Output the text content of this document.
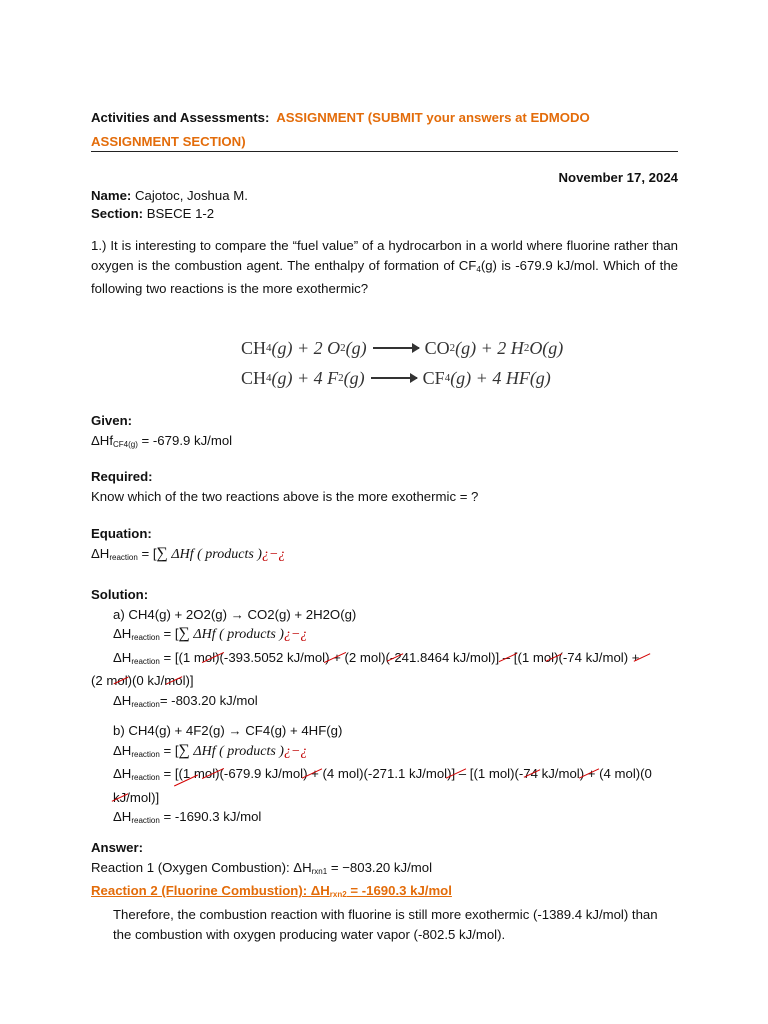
Activities and Assessments: ASSIGNMENT (SUBMIT your answers at EDMODO
ASSIGNMENT SECTION)
November 17, 2024
Name: Cajotoc, Joshua M.
Section: BSECE 1-2
1.) It is interesting to compare the “fuel value” of a hydrocarbon in a world where fluorine rather than oxygen is the combustion agent. The enthalpy of formation of $CF_4(g)$ is -679.9 kJ/mol. Which of the following two reactions is the more exothermic?
CH 4 (g) + 2 O 2 (g) → CO 2 (g) + 2 H 2 O(g)
CH 4 (g) + 4 F 2 (g) → CF 4 (g) + 4 HF(g)
Given:
ΔHf$_{CF4(g)}$ = -679.9 kJ/mol
Required:
Know which of the two reactions above is the more exothermic = ?
Equation:
$\Delta H_{reaction}$ = [∑ ΔHf ( products )¿−¿
Solution:
a) CH4(g) + 2O2(g) → CO2(g) + 2H2O(g)
$\Delta H_{reaction}$ = [∑ ΔHf ( products )¿−¿
$\Delta H_{reaction} = [(1$ mol)(-393.5052 kJ/mol) + (2 mol)(-241.8464 kJ/mol)] – [(1 mol)(-74 kJ/mol) +
(2 mol)(0 kJ/mol)]
$\Delta H_{reaction}= -803.20$ kJ/mol
b) CH4(g) + 4F2(g) → CF4(g) + 4HF(g)
$\Delta H_{reaction}$ = [∑ ΔHf ( products )¿−¿
$\Delta H_{reaction} = [(1$ mol)(-679.9 kJ/mol) + (4 mol)(-271.1 kJ/mol)] – [(1 mol)(-74 kJ/mol) + (4 mol)(0
kJ/mol)]
$\Delta H_{reaction} = -1690.3$ kJ/mol
Answer:
Reaction 1 (Oxygen Combustion): $\Delta H_{rxn1} = -803.20$ kJ/mol
Reaction 2 (Fluorine Combustion): $\Delta H_{rxn2} = -1690.3$ kJ/mol
Therefore, the combustion reaction with fluorine is still more exothermic (-1389.4 kJ/mol) than the combustion with oxygen producing water vapor (-802.5 kJ/mol).
